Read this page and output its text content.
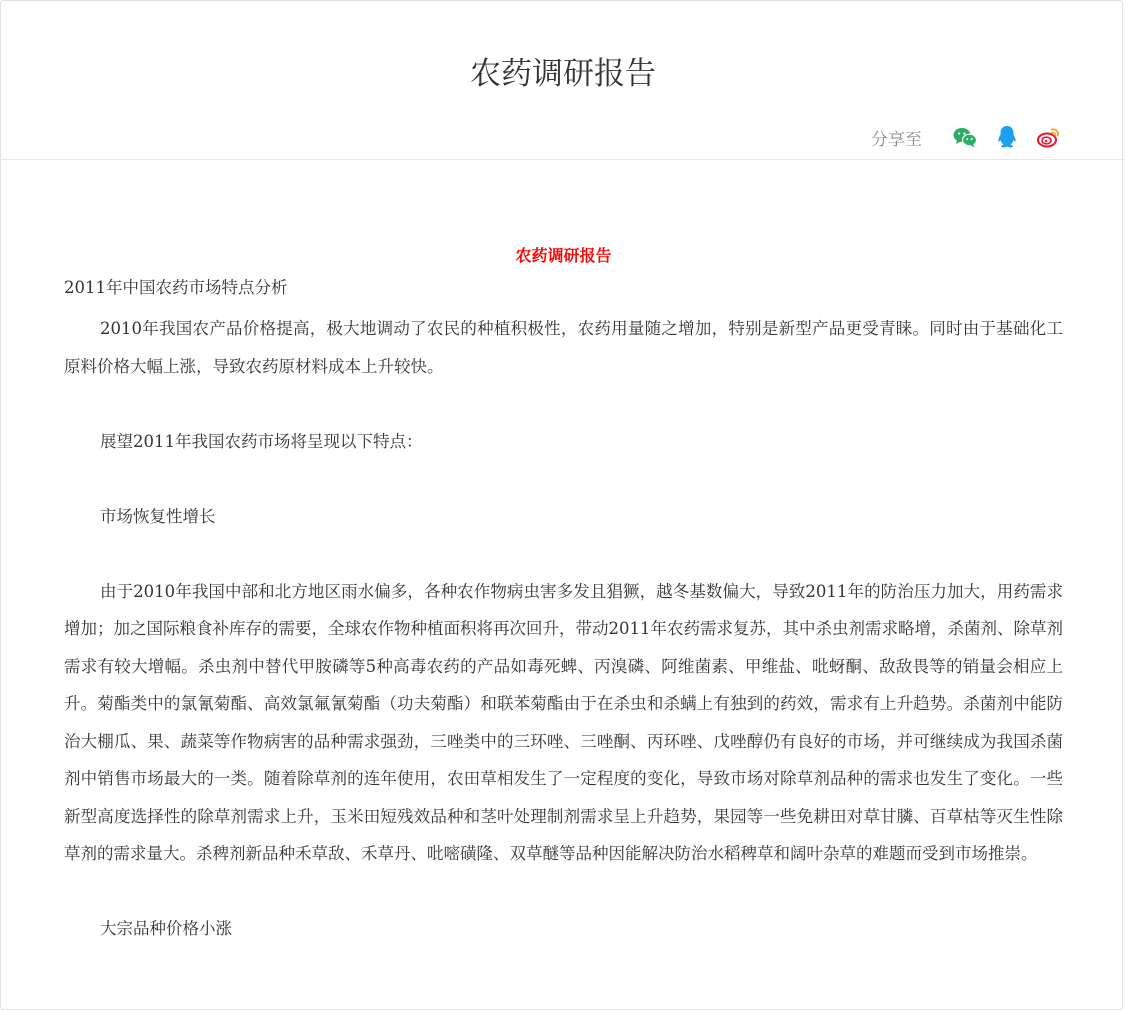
农药调研报告
分享至

农药调研报告

2011年中国农药市场特点分析

2010年我国农产品价格提高，极大地调动了农民的种植积极性，农药用量随之增加，特别是新型产品更受青睐。同时由于基础化工原料价格大幅上涨，导致农药原材料成本上升较快。

展望2011年我国农药市场将呈现以下特点：

市场恢复性增长

由于2010年我国中部和北方地区雨水偏多，各种农作物病虫害多发且猖獗，越冬基数偏大，导致2011年的防治压力加大，用药需求增加；加之国际粮食补库存的需要，全球农作物种植面积将再次回升，带动2011年农药需求复苏，其中杀虫剂需求略增，杀菌剂、除草剂需求有较大增幅。杀虫剂中替代甲胺磷等5种高毒农药的产品如毒死蜱、丙溴磷、阿维菌素、甲维盐、吡蚜酮、敌敌畏等的销量会相应上升。菊酯类中的氯氰菊酯、高效氯氟氰菊酯（功夫菊酯）和联苯菊酯由于在杀虫和杀螨上有独到的药效，需求有上升趋势。杀菌剂中能防治大棚瓜、果、蔬菜等作物病害的品种需求强劲，三唑类中的三环唑、三唑酮、丙环唑、戊唑醇仍有良好的市场，并可继续成为我国杀菌剂中销售市场最大的一类。随着除草剂的连年使用，农田草相发生了一定程度的变化，导致市场对除草剂品种的需求也发生了变化。一些新型高度选择性的除草剂需求上升，玉米田短残效品种和茎叶处理制剂需求呈上升趋势，果园等一些免耕田对草甘膦、百草枯等灭生性除草剂的需求量大。杀稗剂新品种禾草敌、禾草丹、吡嘧磺隆、双草醚等品种因能解决防治水稻稗草和阔叶杂草的难题而受到市场推崇。

大宗品种价格小涨
